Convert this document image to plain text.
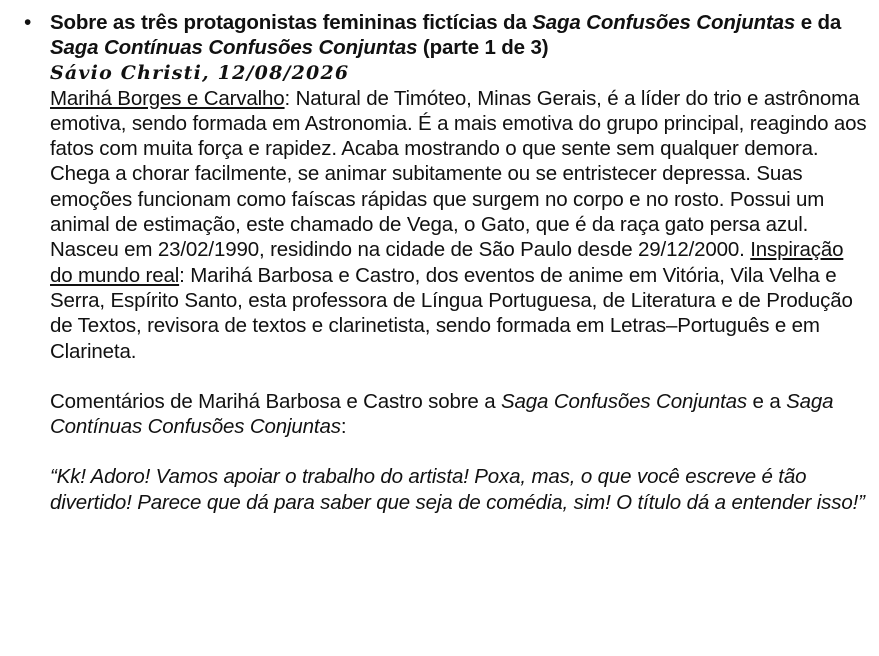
• Sobre as três protagonistas femininas fictícias da Saga Confusões Conjuntas e da Saga Contínuas Confusões Conjuntas (parte 1 de 3)

Sávio Christi, 12/08/2026

Marihá Borges e Carvalho: Natural de Timóteo, Minas Gerais, é a líder do trio e astrônoma emotiva, sendo formada em Astronomia. É a mais emotiva do grupo principal, reagindo aos fatos com muita força e rapidez. Acaba mostrando o que sente sem qualquer demora. Chega a chorar facilmente, se animar subitamente ou se entristecer depressa. Suas emoções funcionam como faíscas rápidas que surgem no corpo e no rosto. Possui um animal de estimação, este chamado de Vega, o Gato, que é da raça gato persa azul. Nasceu em 23/02/1990, residindo na cidade de São Paulo desde 29/12/2000. Inspiração do mundo real: Marihá Barbosa e Castro, dos eventos de anime em Vitória, Vila Velha e Serra, Espírito Santo, esta professora de Língua Portuguesa, de Literatura e de Produção de Textos, revisora de textos e clarinetista, sendo formada em Letras–Português e em Clarineta.

Comentários de Marihá Barbosa e Castro sobre a Saga Confusões Conjuntas e a Saga Contínuas Confusões Conjuntas:

“Kk! Adoro! Vamos apoiar o trabalho do artista! Poxa, mas, o que você escreve é tão divertido! Parece que dá para saber que seja de comédia, sim! O título dá a entender isso!”
